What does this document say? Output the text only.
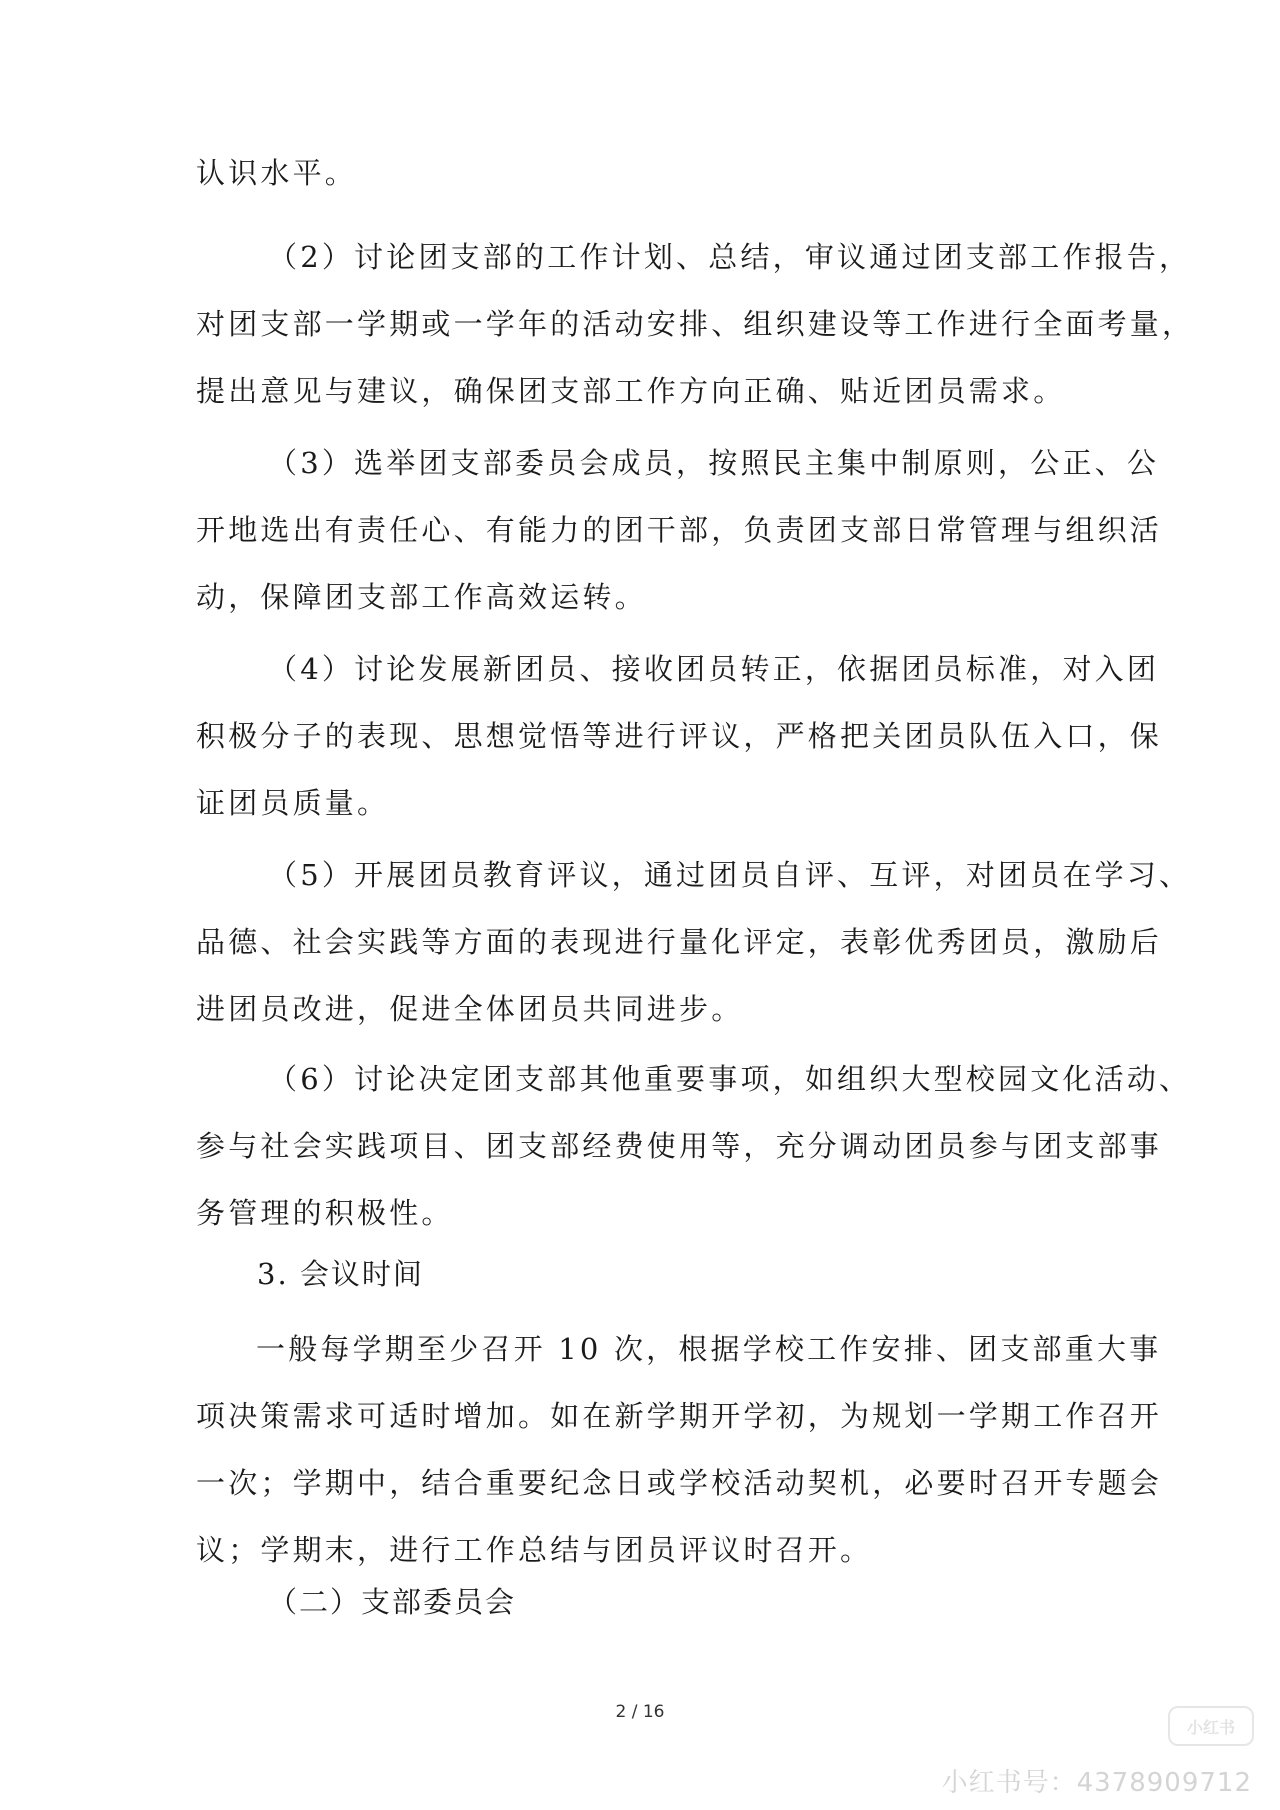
认识水平。

（2）讨论团支部的工作计划、总结，审议通过团支部工作报告，
对团支部一学期或一学年的活动安排、组织建设等工作进行全面考量，
提出意见与建议，确保团支部工作方向正确、贴近团员需求。

（3）选举团支部委员会成员，按照民主集中制原则，公正、公
开地选出有责任心、有能力的团干部，负责团支部日常管理与组织活
动，保障团支部工作高效运转。

（4）讨论发展新团员、接收团员转正，依据团员标准，对入团
积极分子的表现、思想觉悟等进行评议，严格把关团员队伍入口，保
证团员质量。

（5）开展团员教育评议，通过团员自评、互评，对团员在学习、
品德、社会实践等方面的表现进行量化评定，表彰优秀团员，激励后
进团员改进，促进全体团员共同进步。

（6）讨论决定团支部其他重要事项，如组织大型校园文化活动、
参与社会实践项目、团支部经费使用等，充分调动团员参与团支部事
务管理的积极性。

3. 会议时间

一般每学期至少召开 10 次，根据学校工作安排、团支部重大事
项决策需求可适时增加。如在新学期开学初，为规划一学期工作召开
一次；学期中，结合重要纪念日或学校活动契机，必要时召开专题会
议；学期末，进行工作总结与团员评议时召开。

（二）支部委员会
2 / 16
小红书
小红书号：4378909712
